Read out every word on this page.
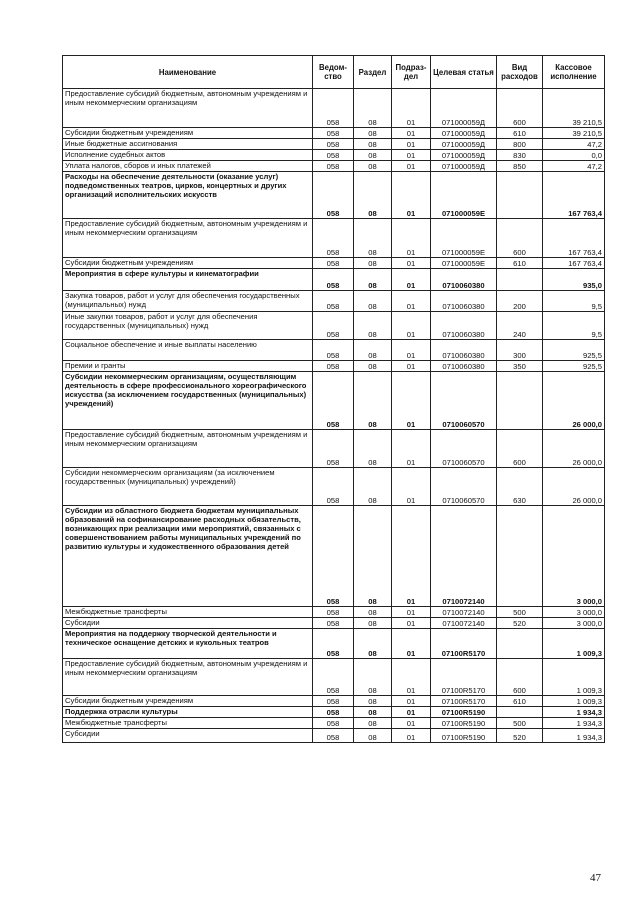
Наименование	Ведом-ство	Раздел	Подраз-дел	Целевая статья	Вид расходов	Кассовое исполнение
Предоставление субсидий бюджетным, автономным учреждениям и иным некоммерческим организациям	058	08	01	071000059Д	600	39 210,5
Субсидии бюджетным учреждениям	058	08	01	071000059Д	610	39 210,5
Иные бюджетные ассигнования	058	08	01	071000059Д	800	47,2
Исполнение судебных актов	058	08	01	071000059Д	830	0,0
Уплата налогов, сборов и иных платежей	058	08	01	071000059Д	850	47,2
Расходы на обеспечение деятельности (оказание услуг) подведомственных театров, цирков, концертных и других организаций исполнительских искусств	058	08	01	071000059Е		167 763,4
Предоставление субсидий бюджетным, автономным учреждениям и иным некоммерческим организациям	058	08	01	071000059Е	600	167 763,4
Субсидии бюджетным учреждениям	058	08	01	071000059Е	610	167 763,4
Мероприятия в сфере культуры и кинематографии	058	08	01	0710060380		935,0
Закупка товаров, работ и услуг для обеспечения государственных (муниципальных) нужд	058	08	01	0710060380	200	9,5
Иные закупки товаров, работ и услуг для обеспечения государственных (муниципальных) нужд	058	08	01	0710060380	240	9,5
Социальное обеспечение и иные выплаты населению	058	08	01	0710060380	300	925,5
Премии и гранты	058	08	01	0710060380	350	925,5
Субсидии некоммерческим организациям, осуществляющим деятельность в сфере профессионального хореографического искусства (за исключением государственных (муниципальных) учреждений)	058	08	01	0710060570		26 000,0
Предоставление субсидий бюджетным, автономным учреждениям и иным некоммерческим организациям	058	08	01	0710060570	600	26 000,0
Субсидии некоммерческим организациям (за исключением государственных (муниципальных) учреждений)	058	08	01	0710060570	630	26 000,0
Субсидии из областного бюджета бюджетам муниципальных образований на софинансирование расходных обязательств, возникающих при реализации ими мероприятий, связанных с совершенствованием работы муниципальных учреждений по развитию культуры и художественного образования детей	058	08	01	0710072140		3 000,0
Межбюджетные трансферты	058	08	01	0710072140	500	3 000,0
Субсидии	058	08	01	0710072140	520	3 000,0
Мероприятия на поддержку творческой деятельности и техническое оснащение детских и кукольных театров	058	08	01	07100R5170		1 009,3
Предоставление субсидий бюджетным, автономным учреждениям и иным некоммерческим организациям	058	08	01	07100R5170	600	1 009,3
Субсидии бюджетным учреждениям	058	08	01	07100R5170	610	1 009,3
Поддержка отрасли культуры	058	08	01	07100R5190		1 934,3
Межбюджетные трансферты	058	08	01	07100R5190	500	1 934,3
Субсидии	058	08	01	07100R5190	520	1 934,3
47
